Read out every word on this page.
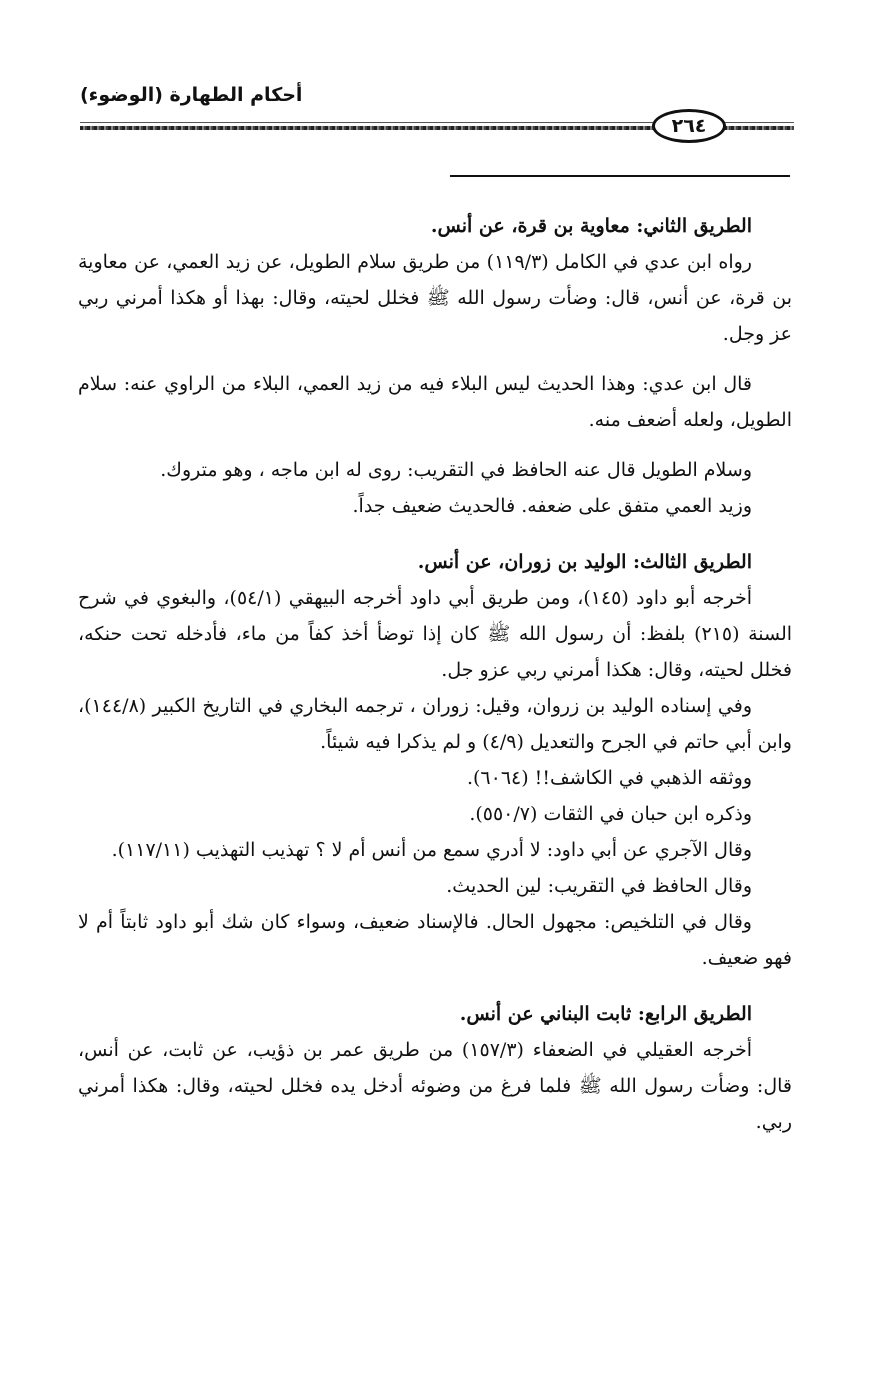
أحكام الطهارة (الوضوء)
٢٦٤
الطريق الثاني: معاوية بن قرة، عن أنس.

رواه ابن عدي في الكامل (١١٩/٣) من طريق سلام الطويل، عن زيد العمي، عن معاوية بن قرة، عن أنس، قال: وضأت رسول الله ﷺ فخلل لحيته، وقال: بهذا أو هكذا أمرني ربي عز وجل.

قال ابن عدي: وهذا الحديث ليس البلاء فيه من زيد العمي، البلاء من الراوي عنه: سلام الطويل، ولعله أضعف منه.

وسلام الطويل قال عنه الحافظ في التقريب: روى له ابن ماجه ، وهو متروك.

وزيد العمي متفق على ضعفه. فالحديث ضعيف جداً.

الطريق الثالث: الوليد بن زوران، عن أنس.

أخرجه أبو داود (١٤٥)، ومن طريق أبي داود أخرجه البيهقي (٥٤/١)، والبغوي في شرح السنة (٢١٥) بلفظ: أن رسول الله ﷺ كان إذا توضأ أخذ كفاً من ماء، فأدخله تحت حنكه، فخلل لحيته، وقال: هكذا أمرني ربي عزو جل.

وفي إسناده الوليد بن زروان، وقيل: زوران ، ترجمه البخاري في التاريخ الكبير (١٤٤/٨)، وابن أبي حاتم في الجرح والتعديل (٤/٩) و لم يذكرا فيه شيئاً.

ووثقه الذهبي في الكاشف!! (٦٠٦٤).

وذكره ابن حبان في الثقات (٥٥٠/٧).

وقال الآجري عن أبي داود: لا أدري سمع من أنس أم لا ؟ تهذيب التهذيب (١١٧/١١).

وقال الحافظ في التقريب: لين الحديث.

وقال في التلخيص: مجهول الحال. فالإسناد ضعيف، وسواء كان شك أبو داود ثابتاً أم لا فهو ضعيف.

الطريق الرابع: ثابت البناني عن أنس.

أخرجه العقيلي في الضعفاء (١٥٧/٣) من طريق عمر بن ذؤيب، عن ثابت، عن أنس، قال: وضأت رسول الله ﷺ فلما فرغ من وضوئه أدخل يده فخلل لحيته، وقال: هكذا أمرني ربي.
